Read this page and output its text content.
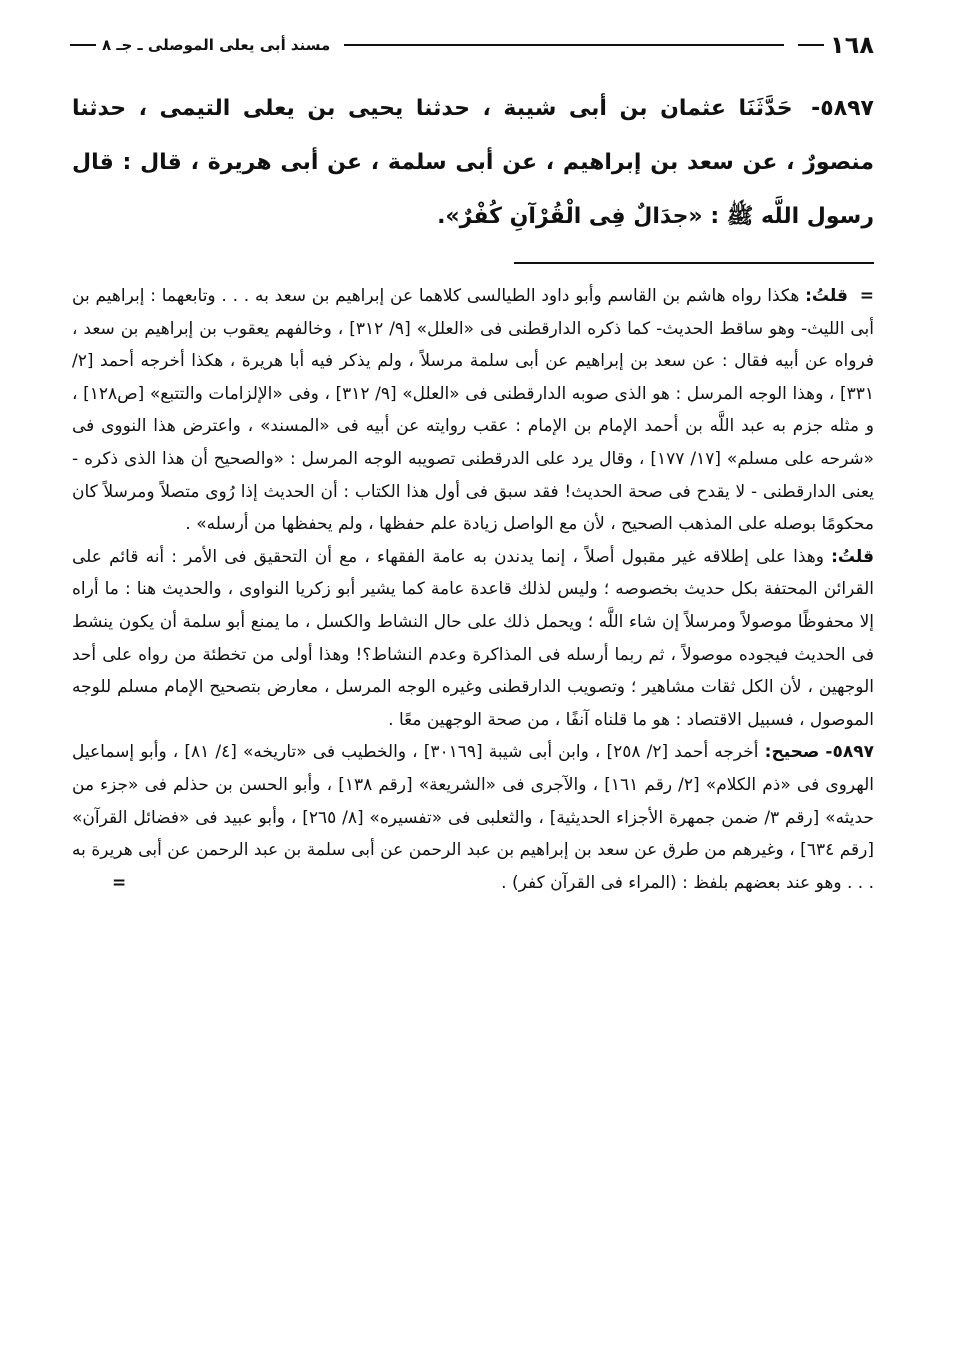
١٦٨
مسند أبى يعلى الموصلى ـ جـ ٨
٥٨٩٧- حَدَّثَنَا عثمان بن أبى شيبة ، حدثنا يحيى بن يعلى التيمى ، حدثنا منصورٌ ، عن سعد بن إبراهيم ، عن أبى سلمة ، عن أبى هريرة ، قال : قال رسول اللَّه ﷺ : «جدَالٌ فِى الْقُرْآنِ كُفْرٌ».

= قلتُ: هكذا رواه هاشم بن القاسم وأبو داود الطيالسى كلاهما عن إبراهيم بن سعد به . . . وتابعهما : إبراهيم بن أبى الليث- وهو ساقط الحديث- كما ذكره الدارقطنى فى «العلل» [٩/ ٣١٢] ، وخالفهم يعقوب بن إبراهيم بن سعد ، فرواه عن أبيه فقال : عن سعد بن إبراهيم عن أبى سلمة مرسلاً ، ولم يذكر فيه أبا هريرة ، هكذا أخرجه أحمد [٢/ ٣٣١] ، وهذا الوجه المرسل : هو الذى صوبه الدارقطنى فى «العلل» [٩/ ٣١٢] ، وفى «الإلزامات والتتبع» [ص١٢٨] ، و مثله جزم به عبد اللَّه بن أحمد الإمام بن الإمام : عقب روايته عن أبيه فى «المسند» ، واعترض هذا النووى فى «شرحه على مسلم» [١٧/ ١٧٧] ، وقال يرد على الدرقطنى تصويبه الوجه المرسل : «والصحيح أن هذا الذى ذكره - يعنى الدارقطنى - لا يقدح فى صحة الحديث! فقد سبق فى أول هذا الكتاب : أن الحديث إذا رُوى متصلاً ومرسلاً كان محكومًا بوصله على المذهب الصحيح ، لأن مع الواصل زيادة علم حفظها ، ولم يحفظها من أرسله» .

قلتُ: وهذا على إطلاقه غير مقبول أصلاً ، إنما يدندن به عامة الفقهاء ، مع أن التحقيق فى الأمر : أنه قائم على القرائن المحتفة بكل حديث بخصوصه ؛ وليس لذلك قاعدة عامة كما يشير أبو زكريا النواوى ، والحديث هنا : ما أراه إلا محفوظًا موصولاً ومرسلاً إن شاء اللَّه ؛ ويحمل ذلك على حال النشاط والكسل ، ما يمنع أبو سلمة أن يكون ينشط فى الحديث فيجوده موصولاً ، ثم ربما أرسله فى المذاكرة وعدم النشاط؟! وهذا أولى من تخطئة من رواه على أحد الوجهين ، لأن الكل ثقات مشاهير ؛ وتصويب الدارقطنى وغيره الوجه المرسل ، معارض بتصحيح الإمام مسلم للوجه الموصول ، فسبيل الاقتصاد : هو ما قلناه آنفًا ، من صحة الوجهين معًا .

٥٨٩٧- صحيح: أخرجه أحمد [٢/ ٢٥٨] ، وابن أبى شيبة [٣٠١٦٩] ، والخطيب فى «تاريخه» [٤/ ٨١] ، وأبو إسماعيل الهروى فى «ذم الكلام» [٢/ رقم ١٦١] ، والآجرى فى «الشريعة» [رقم ١٣٨] ، وأبو الحسن بن حذلم فى «جزء من حديثه» [رقم ٣/ ضمن جمهرة الأجزاء الحديثية] ، والثعلبى فى «تفسيره» [٨/ ٢٦٥] ، وأبو عبيد فى «فضائل القرآن» [رقم ٦٣٤] ، وغيرهم من طرق عن سعد بن إبراهيم بن عبد الرحمن عن أبى سلمة بن عبد الرحمن عن أبى هريرة به . . . وهو عند بعضهم بلفظ : (المراء فى القرآن كفر) .
=
